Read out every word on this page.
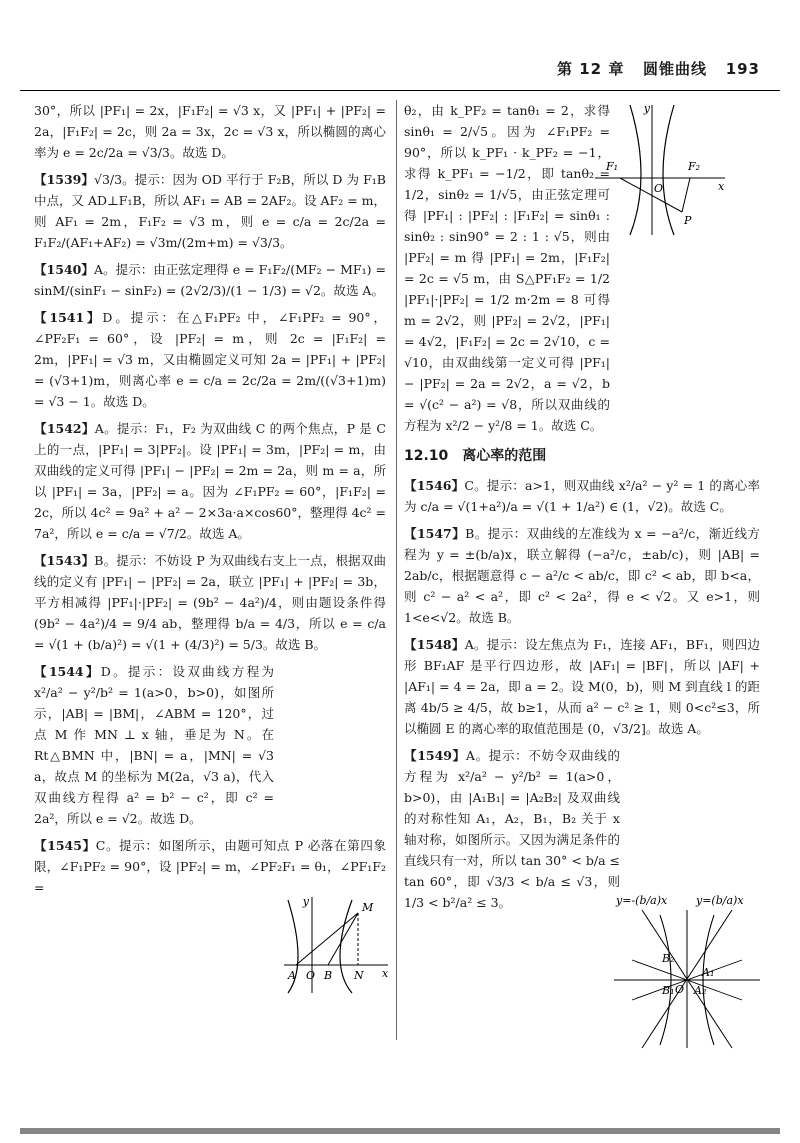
第 12 章 圆锥曲线 193

30°，所以 |PF₁| = 2x，|F₁F₂| = √3 x，又 |PF₁| + |PF₂| = 2a，|F₁F₂| = 2c，则 2a = 3x，2c = √3 x，所以椭圆的离心率为 e = 2c/2a = √3/3。故选 D。

【1539】√3/3。提示：因为 OD 平行于 F₂B，所以 D 为 F₁B 中点，又 AD⊥F₁B，所以 AF₁ = AB = 2AF₂。设 AF₂ = m，则 AF₁ = 2m，F₁F₂ = √3 m，则 e = c/a = 2c/2a = F₁F₂/(AF₁+AF₂) = √3m/(2m+m) = √3/3。

【1540】A。提示：由正弦定理得 e = F₁F₂/(MF₂ − MF₁) = sinM/(sinF₁ − sinF₂) = (2√2/3)/(1 − 1/3) = √2。故选 A。

【1541】D。提示：在△F₁PF₂ 中，∠F₁PF₂ = 90°，∠PF₂F₁ = 60°，设 |PF₂| = m，则 2c = |F₁F₂| = 2m，|PF₁| = √3 m，又由椭圆定义可知 2a = |PF₁| + |PF₂| = (√3+1)m，则离心率 e = c/a = 2c/2a = 2m/((√3+1)m) = √3 − 1。故选 D。

【1542】A。提示：F₁，F₂ 为双曲线 C 的两个焦点，P 是 C 上的一点，|PF₁| = 3|PF₂|。设 |PF₁| = 3m，|PF₂| = m，由双曲线的定义可得 |PF₁| − |PF₂| = 2m = 2a，则 m = a，所以 |PF₁| = 3a，|PF₂| = a。因为 ∠F₁PF₂ = 60°，|F₁F₂| = 2c，所以 4c² = 9a² + a² − 2×3a·a×cos60°，整理得 4c² = 7a²，所以 e = c/a = √7/2。故选 A。

【1543】B。提示：不妨设 P 为双曲线右支上一点，根据双曲线的定义有 |PF₁| − |PF₂| = 2a，联立 |PF₁| + |PF₂| = 3b，平方相减得 |PF₁|·|PF₂| = (9b² − 4a²)/4，则由题设条件得 (9b² − 4a²)/4 = 9/4 ab，整理得 b/a = 4/3，所以 e = c/a = √(1 + (b/a)²) = √(1 + (4/3)²) = 5/3。故选 B。

【1544】D。提示：设双曲线方程为 x²/a² − y²/b² = 1(a>0，b>0)，如图所示，|AB| = |BM|，∠ABM = 120°，过点 M 作 MN ⊥ x 轴，垂足为 N。在 Rt△BMN 中，|BN| = a，|MN| = √3 a，故点 M 的坐标为 M(2a，√3 a)，代入双曲线方程得 a² = b² − c²，即 c² = 2a²，所以 e = √2。故选 D。

【1545】C。提示：如图所示，由题可知点 P 必落在第四象限，∠F₁PF₂ = 90°，设 |PF₂| = m，∠PF₂F₁ = θ₁，∠PF₁F₂ =

θ₂，由 k_PF₂ = tanθ₁ = 2，求得 sinθ₁ = 2/√5。因为 ∠F₁PF₂ = 90°，所以 k_PF₁ · k_PF₂ = −1，求得 k_PF₁ = −1/2，即 tanθ₂ = 1/2，sinθ₂ = 1/√5，由正弦定理可得 |PF₁| : |PF₂| : |F₁F₂| = sinθ₁ : sinθ₂ : sin90° = 2 : 1 : √5，则由 |PF₂| = m 得 |PF₁| = 2m，|F₁F₂| = 2c = √5 m，由 S△PF₁F₂ = 1/2 |PF₁|·|PF₂| = 1/2 m·2m = 8 可得 m = 2√2，则 |PF₂| = 2√2，|PF₁| = 4√2，|F₁F₂| = 2c = 2√10，c = √10，由双曲线第一定义可得 |PF₁| − |PF₂| = 2a = 2√2，a = √2，b = √(c² − a²) = √8，所以双曲线的方程为 x²/2 − y²/8 = 1。故选 C。

12.10　离心率的范围

【1546】C。提示：a>1，则双曲线 x²/a² − y² = 1 的离心率为 c/a = √(1+a²)/a = √(1 + 1/a²) ∈ (1，√2)。故选 C。

【1547】B。提示：双曲线的左准线为 x = −a²/c，渐近线方程为 y = ±(b/a)x，联立解得 (−a²/c，±ab/c)，则 |AB| = 2ab/c，根据题意得 c − a²/c < ab/c，即 c² < ab，即 b<a，则 c² − a² < a²，即 c² < 2a²，得 e < √2。又 e>1，则 1<e<√2。故选 B。

【1548】A。提示：设左焦点为 F₁，连接 AF₁，BF₁，则四边形 BF₁AF 是平行四边形，故 |AF₁| = |BF|，所以 |AF| + |AF₁| = 4 = 2a，即 a = 2。设 M(0，b)，则 M 到直线 l 的距离 4b/5 ≥ 4/5，故 b≥1，从而 a² − c² ≥ 1，则 0<c²≤3，所以椭圆 E 的离心率的取值范围是 (0，√3/2]。故选 A。

【1549】A。提示：不妨令双曲线的方程为 x²/a² − y²/b² = 1(a>0，b>0)，由 |A₁B₁| = |A₂B₂| 及双曲线的对称性知 A₁，A₂，B₁，B₂ 关于 x 轴对称，如图所示。又因为满足条件的直线只有一对，所以 tan 30° < b/a ≤ tan 60°，即 √3/3 < b/a ≤ √3，则 1/3 < b²/a² ≤ 3。

y
F₁
O
F₂
x
P
y	M
A O B N x
y=-(b/a)x	y=(b/a)x
B₂
B₁
A₁
A₂
O
